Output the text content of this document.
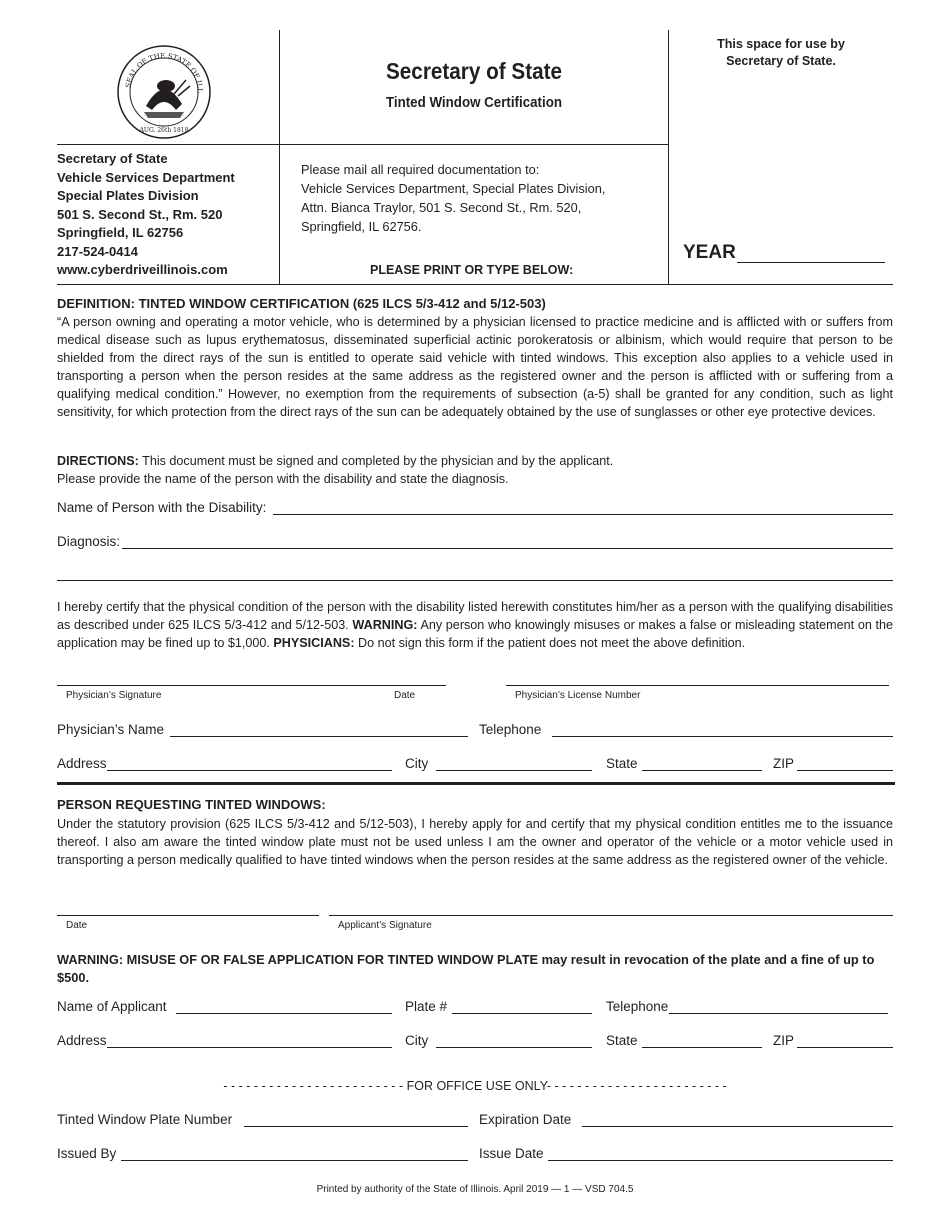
SEAL OF THE STATE OF ILL
AUG. 26th 1818
Secretary of State
Tinted Window Certification
This space for use by
Secretary of State.
YEAR
Secretary of State
Vehicle Services Department
Special Plates Division
501 S. Second St., Rm. 520
Springfield, IL 62756
217-524-0414
www.cyberdriveillinois.com
Please mail all required documentation to:
Vehicle Services Department, Special Plates Division,
Attn. Bianca Traylor, 501 S. Second St., Rm. 520,
Springfield, IL 62756.
PLEASE PRINT OR TYPE BELOW:
DEFINITION: TINTED WINDOW CERTIFICATION (625 ILCS 5/3-412 and 5/12-503)
“A person owning and operating a motor vehicle, who is determined by a physician licensed to practice medicine and is afflicted with or suffers from medical disease such as lupus erythematosus, disseminated superficial actinic porokeratosis or albinism, which would require that person to be shielded from the direct rays of the sun is entitled to operate said vehicle with tinted windows. This exception also applies to a vehicle used in transporting a person when the person resides at the same address as the registered owner and the person is afflicted with or suffering from a qualifying medical condition.” However, no exemption from the requirements of subsection (a-5) shall be granted for any condition, such as light sensitivity, for which protection from the direct rays of the sun can be adequately obtained by the use of sunglasses or other eye protective devices.
DIRECTIONS: This document must be signed and completed by the physician and by the applicant.
Please provide the name of the person with the disability and state the diagnosis.
Name of Person with the Disability:
Diagnosis:
I hereby certify that the physical condition of the person with the disability listed herewith constitutes him/her as a person with the qualifying disabilities as described under 625 ILCS 5/3-412 and 5/12-503. WARNING: Any person who knowingly misuses or makes a false or misleading statement on the application may be fined up to $1,000. PHYSICIANS: Do not sign this form if the patient does not meet the above definition.
Physician’s Signature	Date	Physician’s License Number
Physician’s Name	Telephone
Address	City	State	ZIP
PERSON REQUESTING TINTED WINDOWS:
Under the statutory provision (625 ILCS 5/3-412 and 5/12-503), I hereby apply for and certify that my physical condition entitles me to the issuance thereof. I also am aware the tinted window plate must not be used unless I am the owner and operator of the vehicle or a motor vehicle used in transporting a person medically qualified to have tinted windows when the person resides at the same address as the registered owner of the vehicle.
Date	Applicant’s Signature
WARNING: MISUSE OF OR FALSE APPLICATION FOR TINTED WINDOW PLATE may result in revocation of the plate and a fine of up to $500.
Name of Applicant	Plate #	Telephone
Address	City	State	ZIP
- - - - - - - - - - - - - - - - - - - - - - - - FOR OFFICE USE ONLY- - - - - - - - - - - - - - - - - - - - - - - -
Tinted Window Plate Number	Expiration Date
Issued By	Issue Date
Printed by authority of the State of Illinois. April 2019 — 1 — VSD 704.5
